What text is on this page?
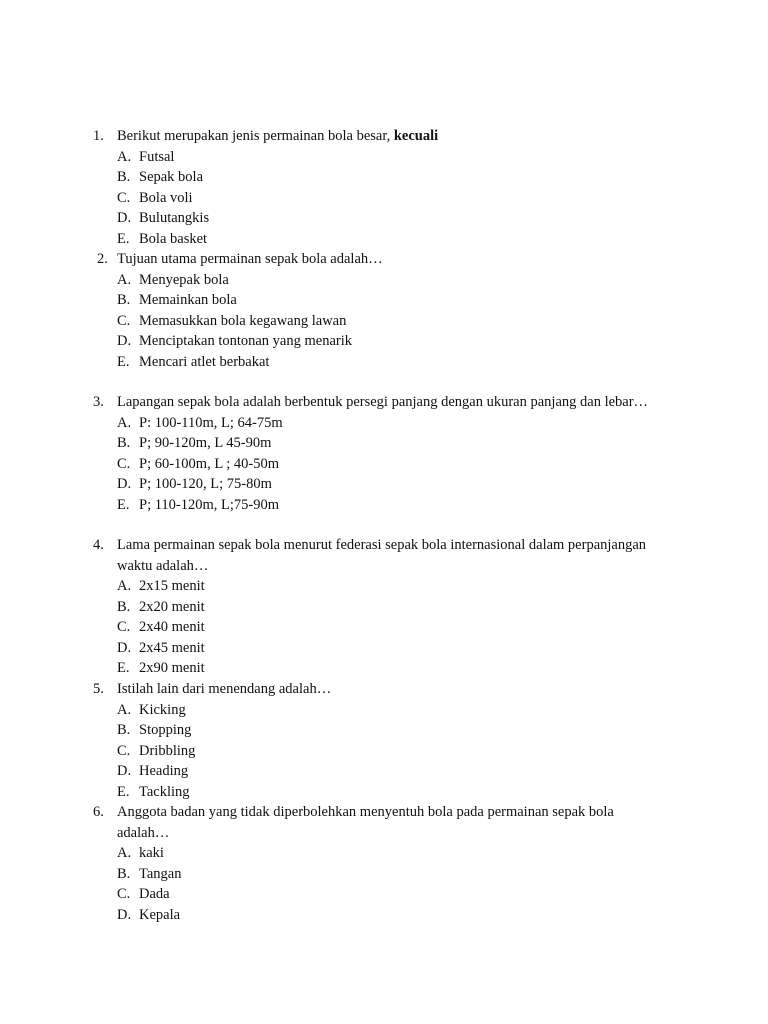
1. Berikut merupakan jenis permainan bola besar, kecuali
A. Futsal
B. Sepak bola
C. Bola voli
D. Bulutangkis
E. Bola basket
2. Tujuan utama permainan sepak bola adalah…
A. Menyepak bola
B. Memainkan bola
C. Memasukkan bola kegawang lawan
D. Menciptakan tontonan yang menarik
E. Mencari atlet berbakat
3. Lapangan sepak bola adalah berbentuk persegi panjang dengan ukuran panjang dan lebar…
A. P: 100-110m, L; 64-75m
B. P; 90-120m, L 45-90m
C. P; 60-100m, L ; 40-50m
D. P; 100-120, L; 75-80m
E. P; 110-120m, L;75-90m
4. Lama permainan sepak bola menurut federasi sepak bola internasional dalam perpanjangan waktu adalah…
A. 2x15 menit
B. 2x20 menit
C. 2x40 menit
D. 2x45 menit
E. 2x90 menit
5. Istilah lain dari menendang adalah…
A. Kicking
B. Stopping
C. Dribbling
D. Heading
E. Tackling
6. Anggota badan yang tidak diperbolehkan menyentuh bola pada permainan sepak bola adalah…
A. kaki
B. Tangan
C. Dada
D. Kepala
